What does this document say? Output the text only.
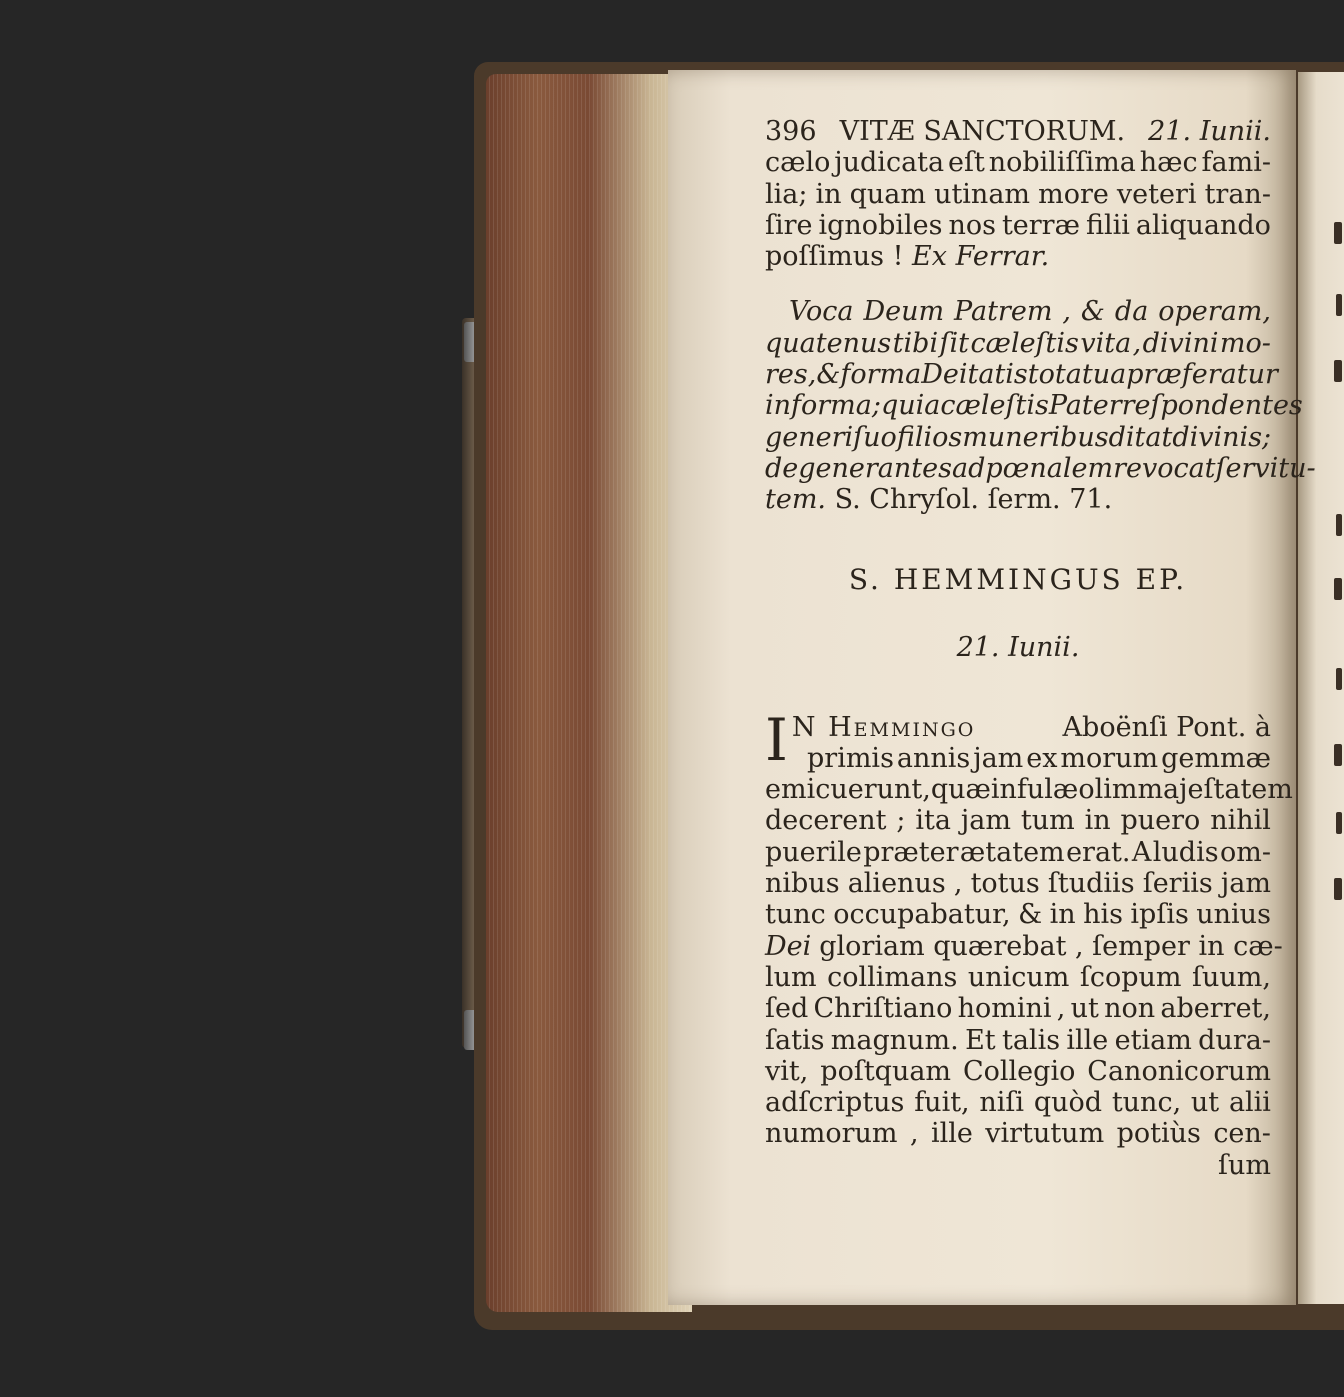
396 VITÆ SANCTORUM. 21. Iunii.
cælo judicata eſt nobiliſſima hæc fami-
lia; in quam utinam more veteri tran-
ſire ignobiles nos terræ filii aliquando
poſſimus !
Ex Ferrar.
Voca Deum Patrem , & da operam,
quatenus tibi ſit cæleſtis vita , divini mo-
res, & forma Deitatis tota tua præferatur
in forma; quia cæleſtis Pater reſpondentes
generi ſuo filios muneribus ditat divinis;
degenerantes ad pœnalem revocat ſervitu-
tem.
S. Chryſol. ſerm. 71.
S. HEMMINGUS EP.
21. Iunii.
I N Hemmingo	Aboënſi Pont. à
primis annis jam ex morum gemmæ
emicuerunt, quæ infulæ olim majeſtatem
decerent ; ita jam tum in puero nihil
puerile præter ætatem erat. A ludis om-
nibus alienus , totus ſtudiis ſeriis jam
tunc occupabatur, & in his ipſis unius
Dei gloriam quærebat , ſemper in cæ-
lum collimans unicum ſcopum ſuum,
ſed Chriſtiano homini , ut non aberret,
ſatis magnum. Et talis ille etiam dura-
vit, poſtquam Collegio Canonicorum
adſcriptus fuit, niſi quòd tunc, ut alii
numorum , ille virtutum potiùs cen-
ſum
